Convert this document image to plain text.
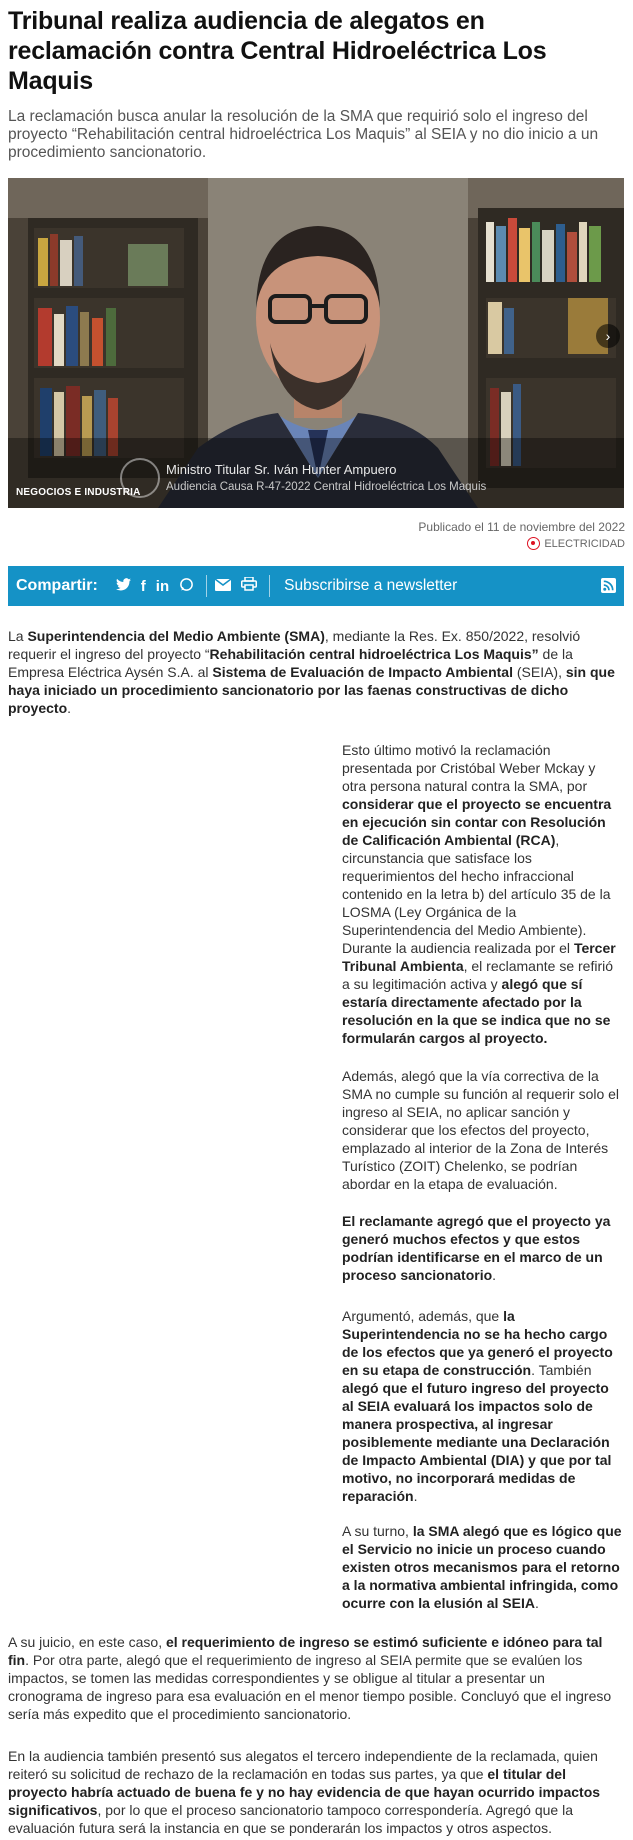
Tribunal realiza audiencia de alegatos en reclamación contra Central Hidroeléctrica Los Maquis

La reclamación busca anular la resolución de la SMA que requirió solo el ingreso del proyecto “Rehabilitación central hidroeléctrica Los Maquis” al SEIA y no dio inicio a un procedimiento sancionatorio.

Ministro Titular Sr. Iván Hunter Ampuero
Audiencia Causa R-47-2022 Central Hidroeléctrica Los Maquis
NEGOCIOS E INDUSTRIA
›
Publicado el 11 de noviembre del 2022
ELECTRICIDAD
Compartir:	f in	Subscribirse a newsletter

La Superintendencia del Medio Ambiente (SMA), mediante la Res. Ex. 850/2022, resolvió requerir el ingreso del proyecto “Rehabilitación central hidroeléctrica Los Maquis” de la Empresa Eléctrica Aysén S.A. al Sistema de Evaluación de Impacto Ambiental (SEIA), sin que haya iniciado un procedimiento sancionatorio por las faenas constructivas de dicho proyecto.

Esto último motivó la reclamación presentada por Cristóbal Weber Mckay y otra persona natural contra la SMA, por considerar que el proyecto se encuentra en ejecución sin contar con Resolución de Calificación Ambiental (RCA), circunstancia que satisface los requerimientos del hecho infraccional contenido en la letra b) del artículo 35 de la LOSMA (Ley Orgánica de la Superintendencia del Medio Ambiente).

Durante la audiencia realizada por el Tercer Tribunal Ambienta, el reclamante se refirió a su legitimación activa y alegó que sí estaría directamente afectado por la resolución en la que se indica que no se formularán cargos al proyecto.

Además, alegó que la vía correctiva de la SMA no cumple su función al requerir solo el ingreso al SEIA, no aplicar sanción y considerar que los efectos del proyecto, emplazado al interior de la Zona de Interés Turístico (ZOIT) Chelenko, se podrían abordar en la etapa de evaluación.

El reclamante agregó que el proyecto ya generó muchos efectos y que estos podrían identificarse en el marco de un proceso sancionatorio.

Argumentó, además, que la Superintendencia no se ha hecho cargo de los efectos que ya generó el proyecto en su etapa de construcción. También alegó que el futuro ingreso del proyecto al SEIA evaluará los impactos solo de manera prospectiva, al ingresar posiblemente mediante una Declaración de Impacto Ambiental (DIA) y que por tal motivo, no incorporará medidas de reparación.

A su turno, la SMA alegó que es lógico que el Servicio no inicie un proceso cuando existen otros mecanismos para el retorno a la normativa ambiental infringida, como ocurre con la elusión al SEIA.

A su juicio, en este caso, el requerimiento de ingreso se estimó suficiente e idóneo para tal fin. Por otra parte, alegó que el requerimiento de ingreso al SEIA permite que se evalúen los impactos, se tomen las medidas correspondientes y se obligue al titular a presentar un cronograma de ingreso para esa evaluación en el menor tiempo posible. Concluyó que el ingreso sería más expedito que el procedimiento sancionatorio.

En la audiencia también presentó sus alegatos el tercero independiente de la reclamada, quien reiteró su solicitud de rechazo de la reclamación en todas sus partes, ya que el titular del proyecto habría actuado de buena fe y no hay evidencia de que hayan ocurrido impactos significativos, por lo que el proceso sancionatorio tampoco correspondería. Agregó que la evaluación futura será la instancia en que se ponderarán los impactos y otros aspectos.
